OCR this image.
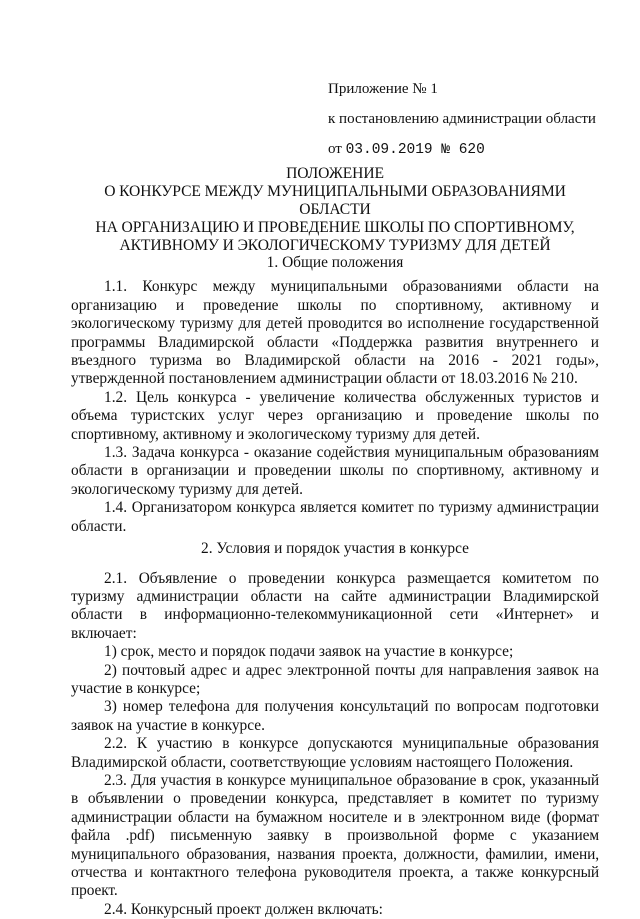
Приложение № 1
к постановлению администрации области
от 03.09.2019 № 620
ПОЛОЖЕНИЕ
О КОНКУРСЕ МЕЖДУ МУНИЦИПАЛЬНЫМИ ОБРАЗОВАНИЯМИ ОБЛАСТИ
НА ОРГАНИЗАЦИЮ И ПРОВЕДЕНИЕ ШКОЛЫ ПО СПОРТИВНОМУ,
АКТИВНОМУ И ЭКОЛОГИЧЕСКОМУ ТУРИЗМУ ДЛЯ ДЕТЕЙ
1. Общие положения

1.1. Конкурс между муниципальными образованиями области на организацию и проведение школы по спортивному, активному и экологическому туризму для детей проводится во исполнение государственной программы Владимирской области «Поддержка развития внутреннего и въездного туризма во Владимирской области на 2016 - 2021 годы», утвержденной постановлением администрации области от 18.03.2016 № 210.

1.2. Цель конкурса - увеличение количества обслуженных туристов и объема туристских услуг через организацию и проведение школы по спортивному, активному и экологическому туризму для детей.

1.3. Задача конкурса - оказание содействия муниципальным образованиям области в организации и проведении школы по спортивному, активному и экологическому туризму для детей.

1.4. Организатором конкурса является комитет по туризму администрации области.

2. Условия и порядок участия в конкурсе

2.1. Объявление о проведении конкурса размещается комитетом по туризму администрации области на сайте администрации Владимирской области в информационно-телекоммуникационной сети «Интернет» и включает:

1) срок, место и порядок подачи заявок на участие в конкурсе;

2) почтовый адрес и адрес электронной почты для направления заявок на участие в конкурсе;

3) номер телефона для получения консультаций по вопросам подготовки заявок на участие в конкурсе.

2.2. К участию в конкурсе допускаются муниципальные образования Владимирской области, соответствующие условиям настоящего Положения.

2.3. Для участия в конкурсе муниципальное образование в срок, указанный в объявлении о проведении конкурса, представляет в комитет по туризму администрации области на бумажном носителе и в электронном виде (формат файла .pdf) письменную заявку в произвольной форме с указанием муниципального образования, названия проекта, должности, фамилии, имени, отчества и контактного телефона руководителя проекта, а также конкурсный проект.

2.4. Конкурсный проект должен включать:
